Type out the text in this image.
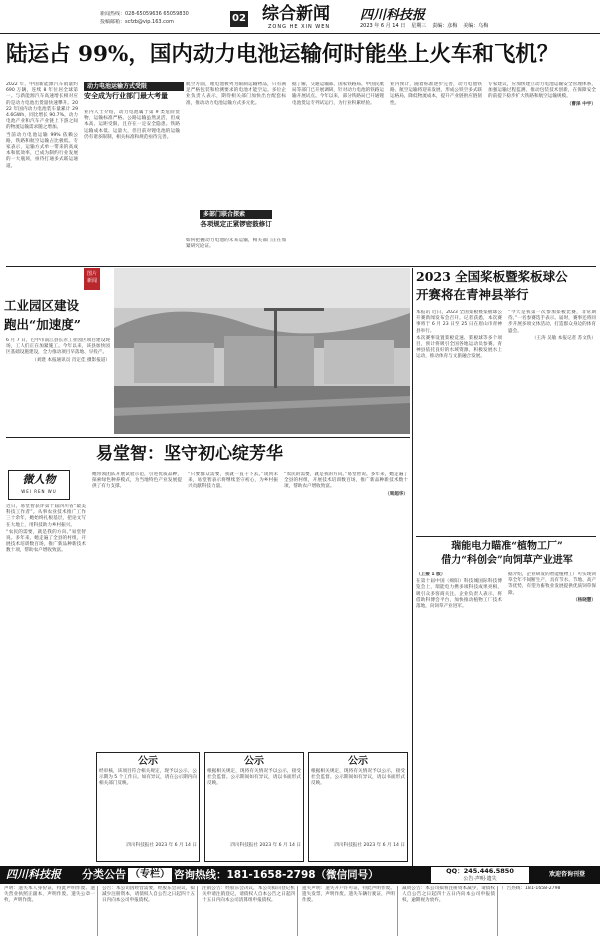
新闻热线：028-65059636 65059830
投稿邮箱：scfzb@vip.163.com	02 综合新闻
ZONG HE XIN WEN
四川科技报
2023 年 6 月 14 日 星期三 责编：彦梅 美编：乌梅
陆运占 99%，国内动力电池运输何时能坐上火车和飞机？

2022 年，中国新能源汽车销量约 690 万辆，连续 8 年位居全球第一。与新能源汽车高速增长相对应的是动力电池出货量快速攀升。2022 年国内动力电池装车量累计 294.6GWh，同比增长 90.7%。动力电池产业和汽车产业链上下游之间的物流运输需求随之增加。

当前动力电池运输 99% 依赖公路，铁路和航空运输占比极低。专家表示，运输方式单一带来的高成本和低效率，已成为制约行业发展的一大瓶颈，亟待打通多式联运通道。

动力电池运输方式受限
安全成为行业部门最大考量
业内人士介绍，动力电池属于第 9 类危险货物，运输标准严格。公路运输虽然灵活，但成本高、运距受限，且存在一定安全隐患。铁路运输成本低、运量大，但目前对锂电池的运输仍有诸多限制，相关标准和规范亟待完善。
航空方面，锂电池被列为限制运输物品，只有满足严格包装和检测要求的电池才能空运。多位企业负责人表示，期待相关部门加快出台配套标准，推动动力电池运输方式多元化。
多部门联合探索
各项规定正紧锣密鼓修订
如何把握动力电池的未来运输，相关部门正在加紧研究论证。
据了解，交通运输部、国家铁路局、中国民航局等部门已开展调研，针对动力电池的铁路运输开展试点。今年以来，部分铁路局已开通锂电池货运专列试运行，为行业积累经验。
业内预计，随着标准逐步完善，动力电池铁路、航空运输将迎来发展，形成公铁空多式联运格局，降低物流成本，提升产业链供应链韧性。

专家建议，应加快建立动力电池运输安全管理体系，加强运输过程监测，推动包装技术创新，在保障安全的前提下稳步扩大铁路和航空运输规模。

（曹泽 中宇）

图片
新闻
工业园区建设
跑出“加速度”

6 月 7 日，巴中市南江县长赤工业园区项目建设现场，工人们正在加紧施工。今年以来，该县加快园区基础设施建设，全力推动项目早落地、早投产。

（刘建 本报通讯员 肖定佳 摄影报道）

易堂智：坚守初心绽芳华
微人物
WEI REN WU

近日，易堂智获评第十届四川省“最美科技工作者”。从事农业技术推广工作三十余年，她始终扎根基层，把论文写在大地上，用科技助力乡村振兴。

“农民的需要，就是我的方向。”易堂智说。多年来，她走遍了全县的村组，开展技术培训数百场，推广新品种新技术数十项，帮助农户增收致富。

她带领团队开展试验示范，引进优质品种，探索绿色种养模式，为当地特色产业发展提供了有力支撑。
“只要群众需要，我就一直干下去。”谈到未来，易堂智表示将继续坚守初心，为乡村振兴贡献科技力量。

“农民的需要，就是我的方向。”易堂智说。多年来，她走遍了全县的村组，开展技术培训数百场，推广新品种新技术数十项，帮助农户增收致富。

（周超华）

公示
经审核，该项目符合相关规定，现予以公示，公示期为 5 个工作日。如有异议，请在公示期内向相关部门反映。
四川科技报社 2023 年 6 月 14 日
公示
根据相关规定，现将有关情况予以公示，接受社会监督。公示期间如有异议，请以书面形式反映。
四川科技报社 2023 年 6 月 14 日
公示
根据相关规定，现将有关情况予以公示，接受社会监督。公示期间如有异议，请以书面形式反映。
四川科技报社 2023 年 6 月 14 日
2023 全国桨板暨桨板球公
开赛将在青神县举行

本报讯 近日，2023 全国桨板暨桨板球公开赛新闻发布会召开。记者获悉，本次赛事将于 6 月 23 日至 25 日在眉山市青神县举行。

本次赛事设置桨板竞速、桨板球等多个项目，预计将吸引全国各地运动员参赛。青神县依托良好的水域资源，积极发展水上运动，推动体育与文旅融合发展。

“今天是我第一次参加桨板比赛，非常期待。”一名参赛选手表示。届时，赛事还将同步开展多项文体活动，打造群众身边的体育盛会。

（王涛 吴敏 本报记者 苏文佚）

瑞能电力瞄准“植物工厂”
借力“科创会”向饲草产业进军

（上接 1 版）

在第十届中国（绵阳）科技城国际科技博览会上，瑞能电力携多项科技成果亮相，吸引众多客商关注。企业负责人表示，将借助科博会平台，加快推动植物工厂技术落地，向饲草产业进军。

据介绍，企业研发的智能植物工厂可实现饲草全年不间断生产，具有节水、节地、高产等优势，有望为畜牧业发展提供优质饲草保障。

（杨晓慧）

四川科技报	分类公告 （专栏） 咨询热线：181-1658-2798（微信同号）	QQ：245.446.5850
公告·声明·遗失
欢迎咨询刊登
声明：遗失本人身份证，特此声明作废。遗失营业执照正副本，声明作废。遗失公章一枚，声明作废。
公告：本公司因经营需要，经股东会决议，拟减少注册资本，请债权人自公告之日起四十五日内向本公司申报债权。
注销公告：经股东会决议，本公司拟向登记机关申请注销登记，请债权人自本公告之日起四十五日内向本公司清算组申报债权。
遗失声明：遗失开户许可证，特此声明作废。遗失发票，声明作废。遗失车辆行驶证，声明作废。
减资公告：本公司拟将注册资本减少，请债权人自公告之日起四十五日内向本公司申报债权，逾期视为放弃。
广告热线：181-1658-2798
